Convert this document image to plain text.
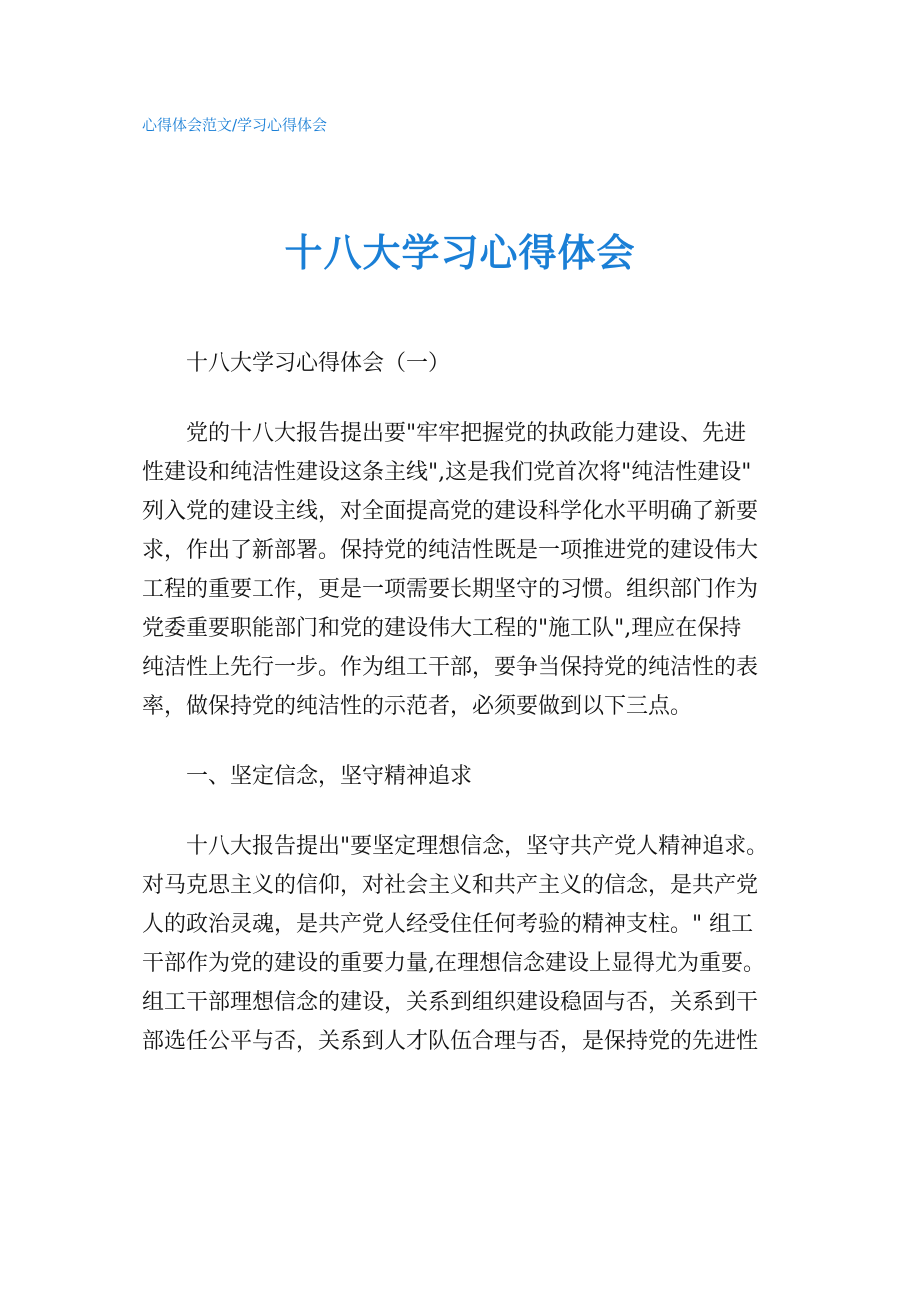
心得体会范文/学习心得体会
十八大学习心得体会

十八大学习心得体会（一）

党的十八大报告提出要"牢牢把握党的执政能力建设、先进
性建设和纯洁性建设这条主线",这是我们党首次将"纯洁性建设"
列入党的建设主线，对全面提高党的建设科学化水平明确了新要
求，作出了新部署。保持党的纯洁性既是一项推进党的建设伟大
工程的重要工作，更是一项需要长期坚守的习惯。组织部门作为
党委重要职能部门和党的建设伟大工程的"施工队",理应在保持
纯洁性上先行一步。作为组工干部，要争当保持党的纯洁性的表
率，做保持党的纯洁性的示范者，必须要做到以下三点。

一、坚定信念，坚守精神追求

十八大报告提出"要坚定理想信念，坚守共产党人精神追求。
对马克思主义的信仰，对社会主义和共产主义的信念，是共产党
人的政治灵魂，是共产党人经受住任何考验的精神支柱。" 组工
干部作为党的建设的重要力量,在理想信念建设上显得尤为重要。
组工干部理想信念的建设，关系到组织建设稳固与否，关系到干
部选任公平与否，关系到人才队伍合理与否，是保持党的先进性
